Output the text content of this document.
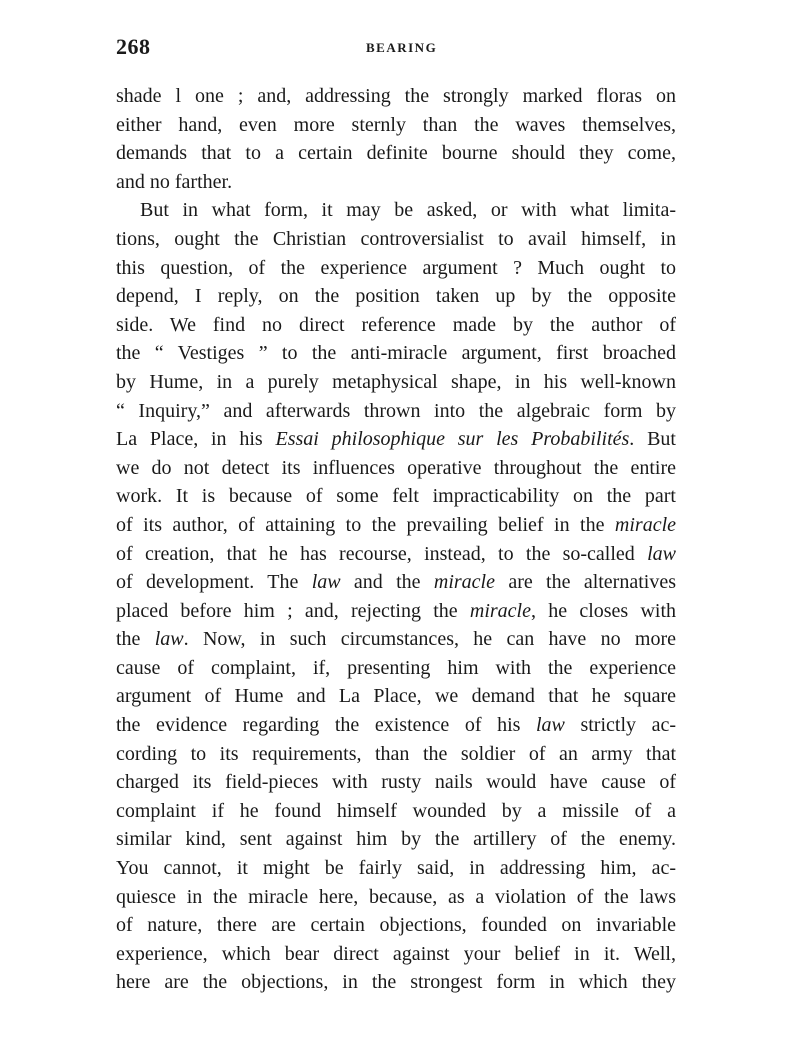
268	BEARING
shade l one ; and, addressing the strongly marked floras on
either hand, even more sternly than the waves themselves,
demands that to a certain definite bourne should they come,
and no farther.
But in what form, it may be asked, or with what limita-
tions, ought the Christian controversialist to avail himself, in
this question, of the experience argument ? Much ought to
depend, I reply, on the position taken up by the opposite
side. We find no direct reference made by the author of
the “ Vestiges ” to the anti-miracle argument, first broached
by Hume, in a purely metaphysical shape, in his well-known
“ Inquiry,” and afterwards thrown into the algebraic form by
La Place, in his Essai philosophique sur les Probabilités. But
we do not detect its influences operative throughout the entire
work. It is because of some felt impracticability on the part
of its author, of attaining to the prevailing belief in the miracle
of creation, that he has recourse, instead, to the so-called law
of development. The law and the miracle are the alternatives
placed before him ; and, rejecting the miracle, he closes with
the law. Now, in such circumstances, he can have no more
cause of complaint, if, presenting him with the experience
argument of Hume and La Place, we demand that he square
the evidence regarding the existence of his law strictly ac-
cording to its requirements, than the soldier of an army that
charged its field-pieces with rusty nails would have cause of
complaint if he found himself wounded by a missile of a
similar kind, sent against him by the artillery of the enemy.
You cannot, it might be fairly said, in addressing him, ac-
quiesce in the miracle here, because, as a violation of the laws
of nature, there are certain objections, founded on invariable
experience, which bear direct against your belief in it. Well,
here are the objections, in the strongest form in which they
